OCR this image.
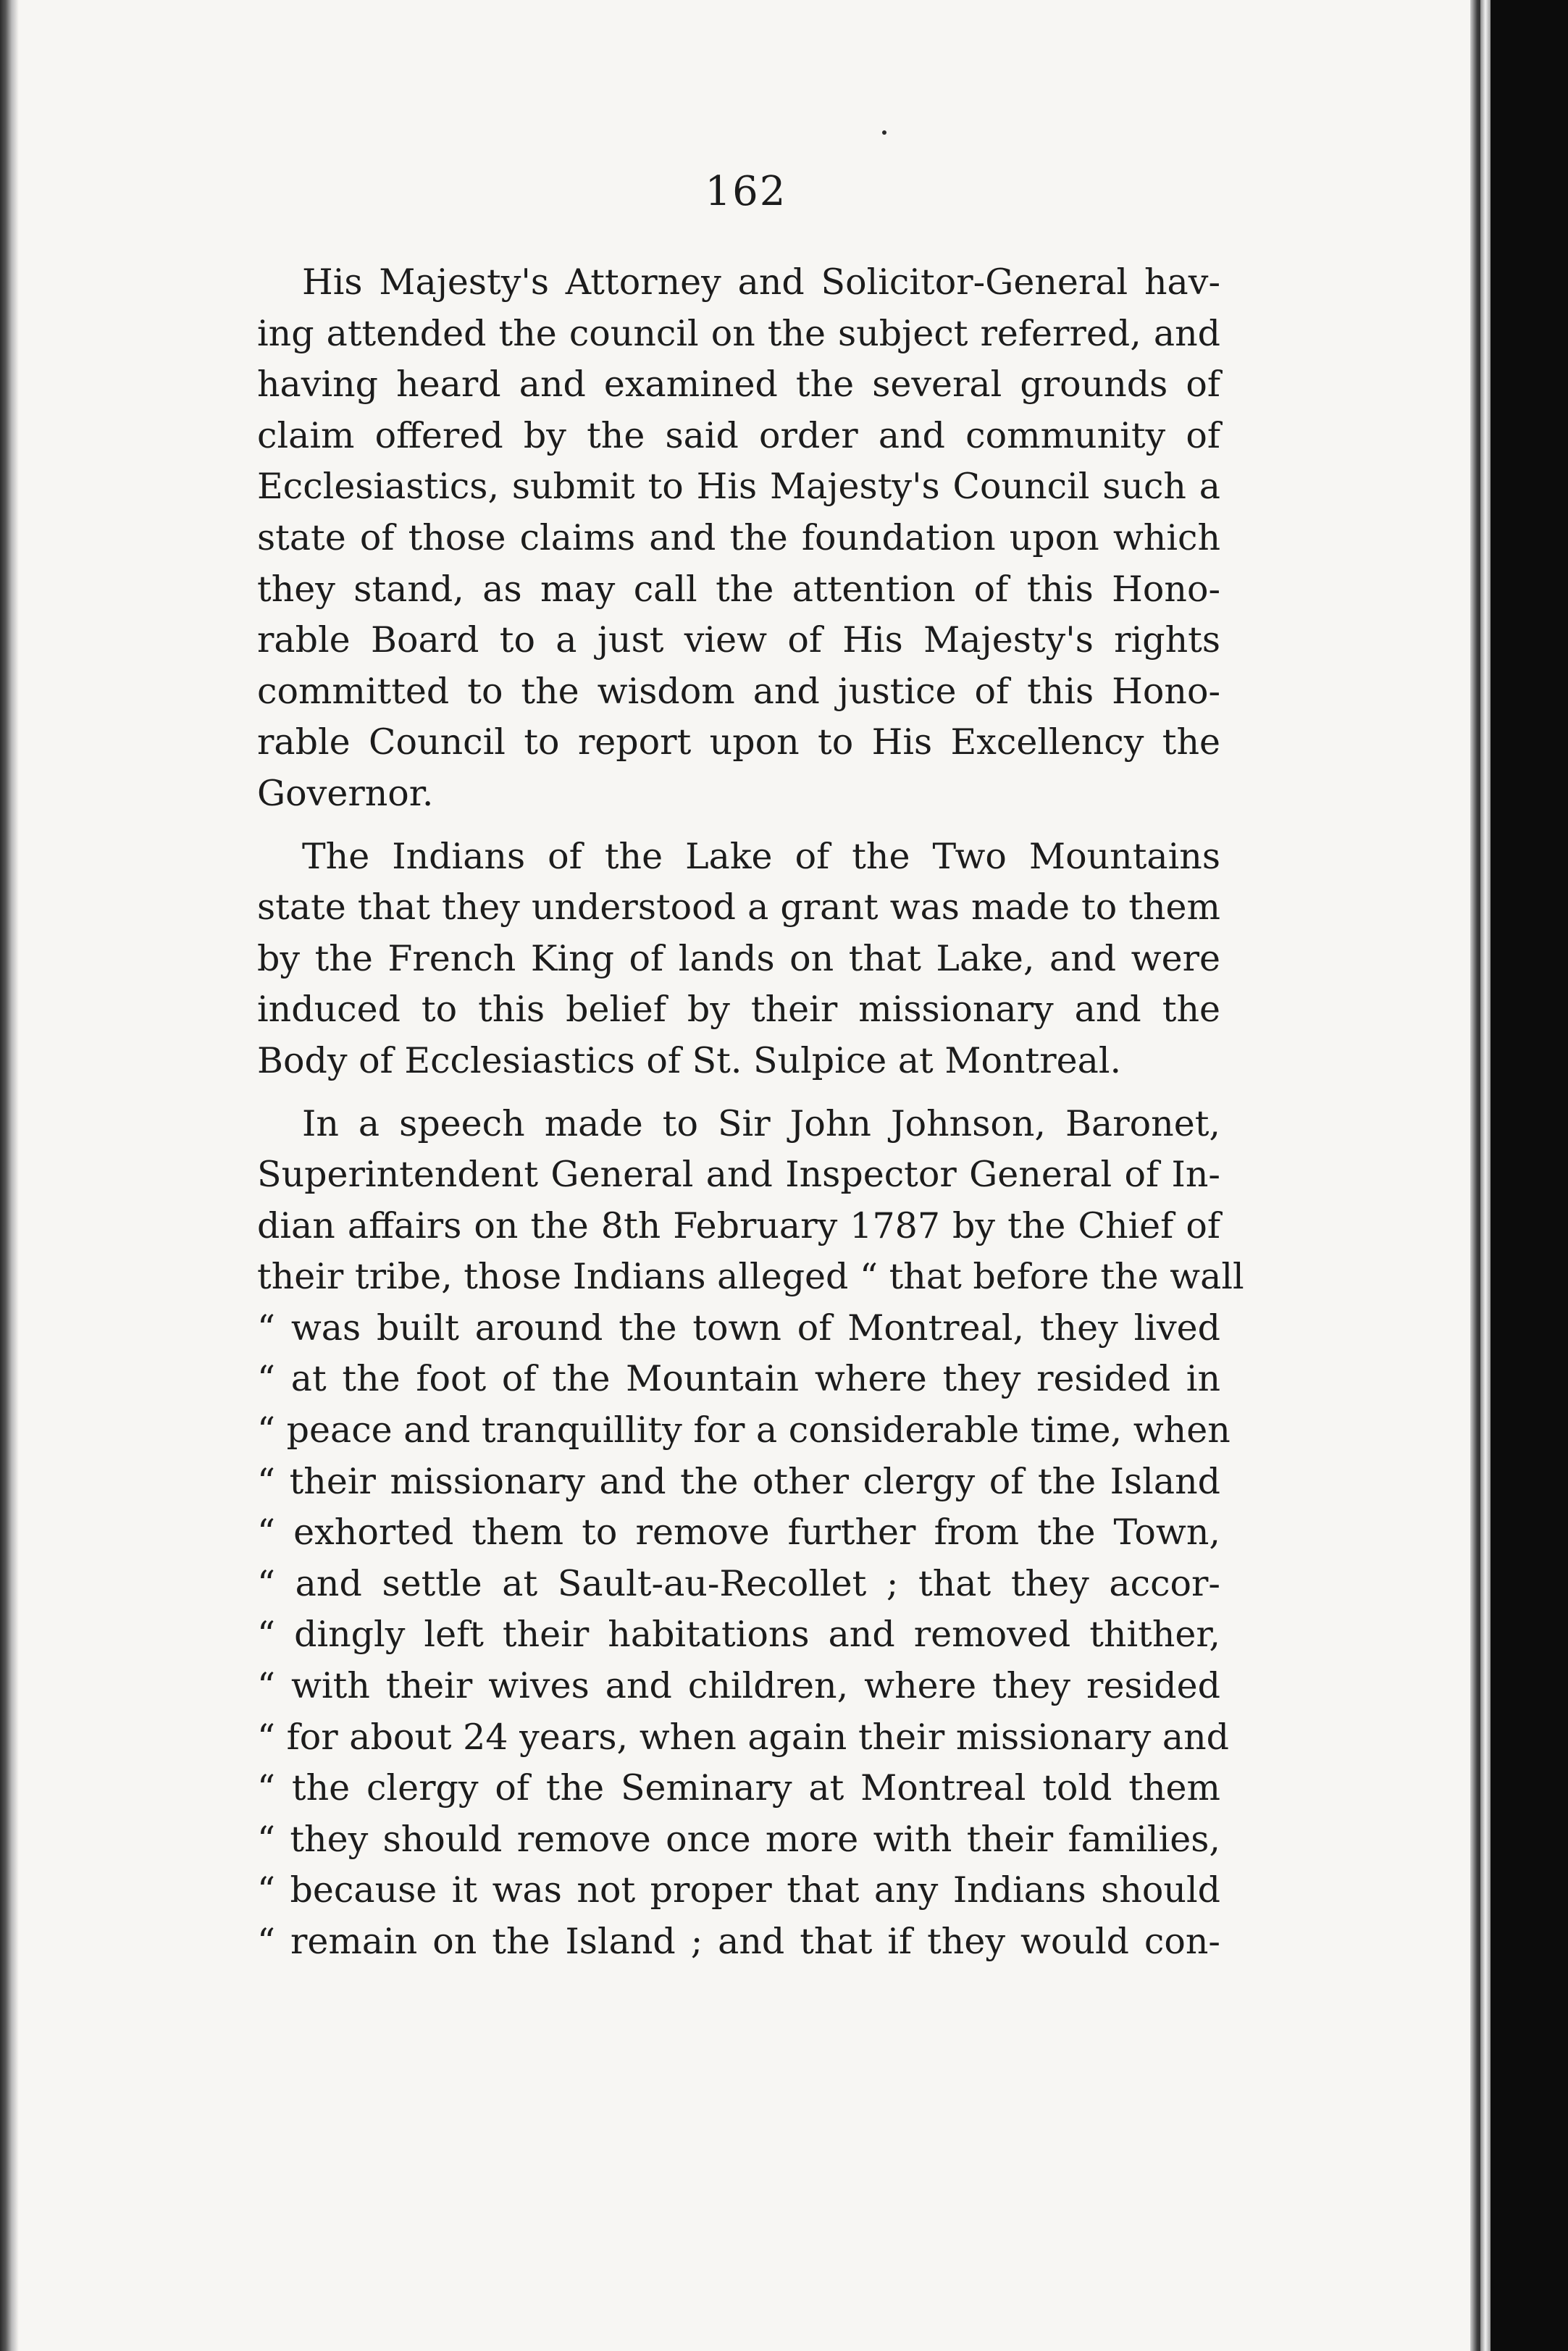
162
His Majesty's Attorney and Solicitor-General hav-
ing attended the council on the subject referred, and
having heard and examined the several grounds of
claim offered by the said order and community of
Ecclesiastics, submit to His Majesty's Council such a
state of those claims and the foundation upon which
they stand, as may call the attention of this Hono-
rable Board to a just view of His Majesty's rights
committed to the wisdom and justice of this Hono-
rable Council to report upon to His Excellency the
Governor.
The Indians of the Lake of the Two Mountains
state that they understood a grant was made to them
by the French King of lands on that Lake, and were
induced to this belief by their missionary and the
Body of Ecclesiastics of St. Sulpice at Montreal.
In a speech made to Sir John Johnson, Baronet,
Superintendent General and Inspector General of In-
dian affairs on the 8th February 1787 by the Chief of
their tribe, those Indians alleged “ that before the wall
“ was built around the town of Montreal, they lived
“ at the foot of the Mountain where they resided in
“ peace and tranquillity for a considerable time, when
“ their missionary and the other clergy of the Island
“ exhorted them to remove further from the Town,
“ and settle at Sault-au-Recollet ; that they accor-
“ dingly left their habitations and removed thither,
“ with their wives and children, where they resided
“ for about 24 years, when again their missionary and
“ the clergy of the Seminary at Montreal told them
“ they should remove once more with their families,
“ because it was not proper that any Indians should
“ remain on the Island ; and that if they would con-
